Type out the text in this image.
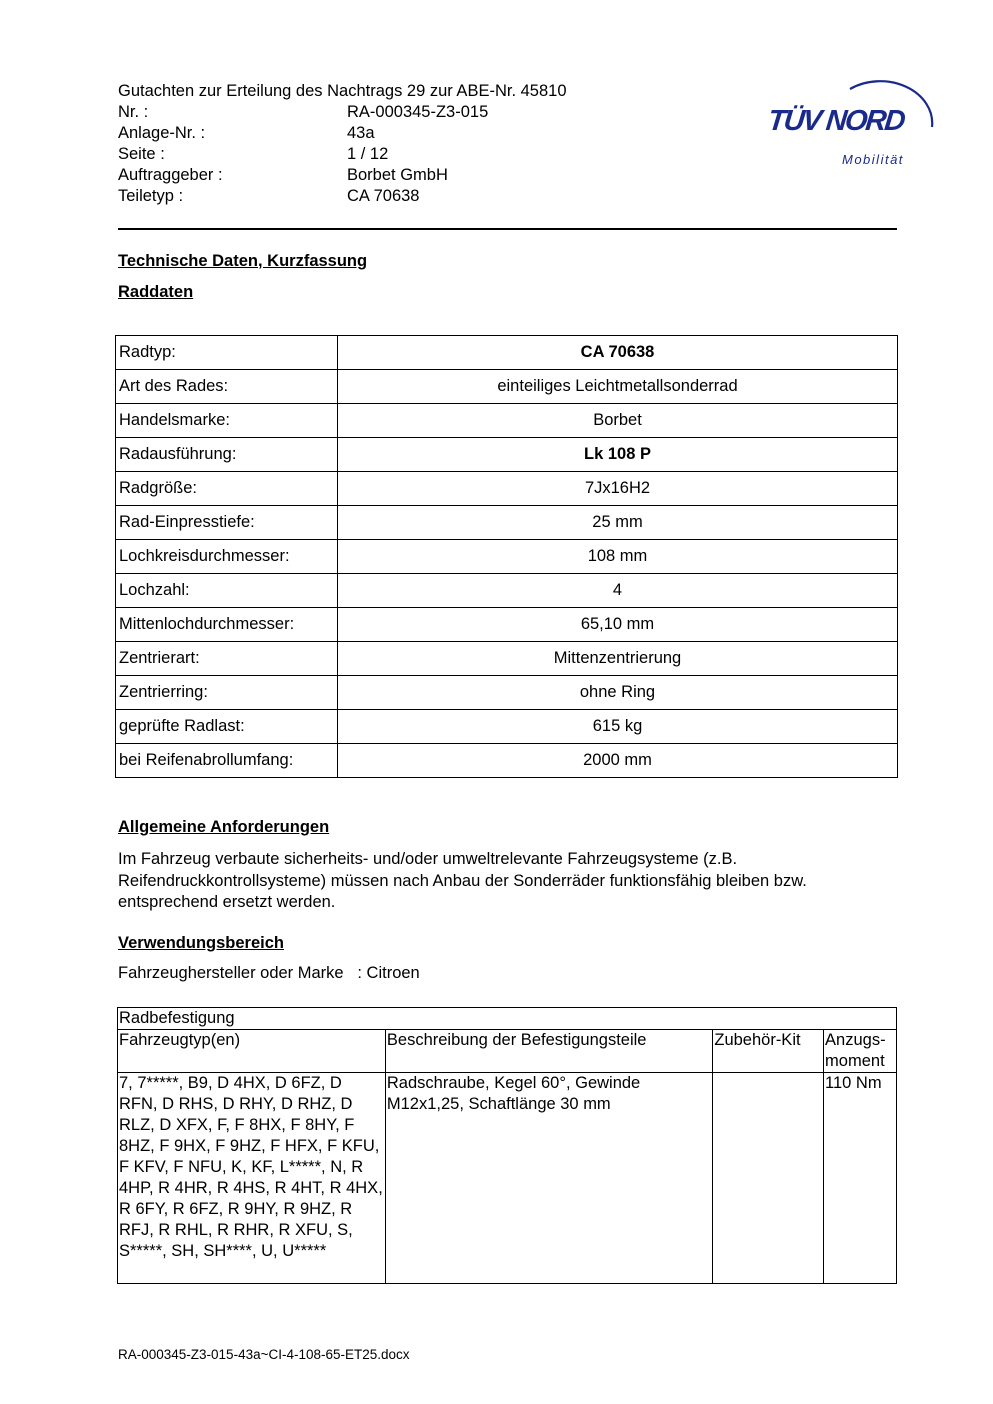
Gutachten zur Erteilung des Nachtrags 29 zur ABE-Nr. 45810
Nr. :	RA-000345-Z3-015
Anlage-Nr. :	43a
Seite :	1 / 12
Auftraggeber :	Borbet GmbH
Teiletyp :	CA 70638
TÜV NORD
Mobilität
Technische Daten, Kurzfassung
Raddaten
Radtyp:	CA 70638
Art des Rades:	einteiliges Leichtmetallsonderrad
Handelsmarke:	Borbet
Radausführung:	Lk 108 P
Radgröße:	7Jx16H2
Rad-Einpresstiefe:	25 mm
Lochkreisdurchmesser:	108 mm
Lochzahl:	4
Mittenlochdurchmesser:	65,10 mm
Zentrierart:	Mittenzentrierung
Zentrierring:	ohne Ring
geprüfte Radlast:	615 kg
bei Reifenabrollumfang:	2000 mm
Allgemeine Anforderungen
Im Fahrzeug verbaute sicherheits- und/oder umweltrelevante Fahrzeugsysteme (z.B. Reifendruckkontrollsysteme) müssen nach Anbau der Sonderräder funktionsfähig bleiben bzw. entsprechend ersetzt werden.
Verwendungsbereich
Fahrzeughersteller oder Marke : Citroen
Radbefestigung			
Fahrzeugtyp(en)	Beschreibung der Befestigungsteile	Zubehör-Kit	Anzugs-moment
7, 7*****, B9, D 4HX, D 6FZ, D RFN, D RHS, D RHY, D RHZ, D RLZ, D XFX, F, F 8HX, F 8HY, F 8HZ, F 9HX, F 9HZ, F HFX, F KFU, F KFV, F NFU, K, KF, L*****, N, R 4HP, R 4HR, R 4HS, R 4HT, R 4HX, R 6FY, R 6FZ, R 9HY, R 9HZ, R RFJ, R RHL, R RHR, R XFU, S, S*****, SH, SH****, U, U*****	Radschraube, Kegel 60°, Gewinde M12x1,25, Schaftlänge 30 mm		110 Nm
RA-000345-Z3-015-43a~CI-4-108-65-ET25.docx
